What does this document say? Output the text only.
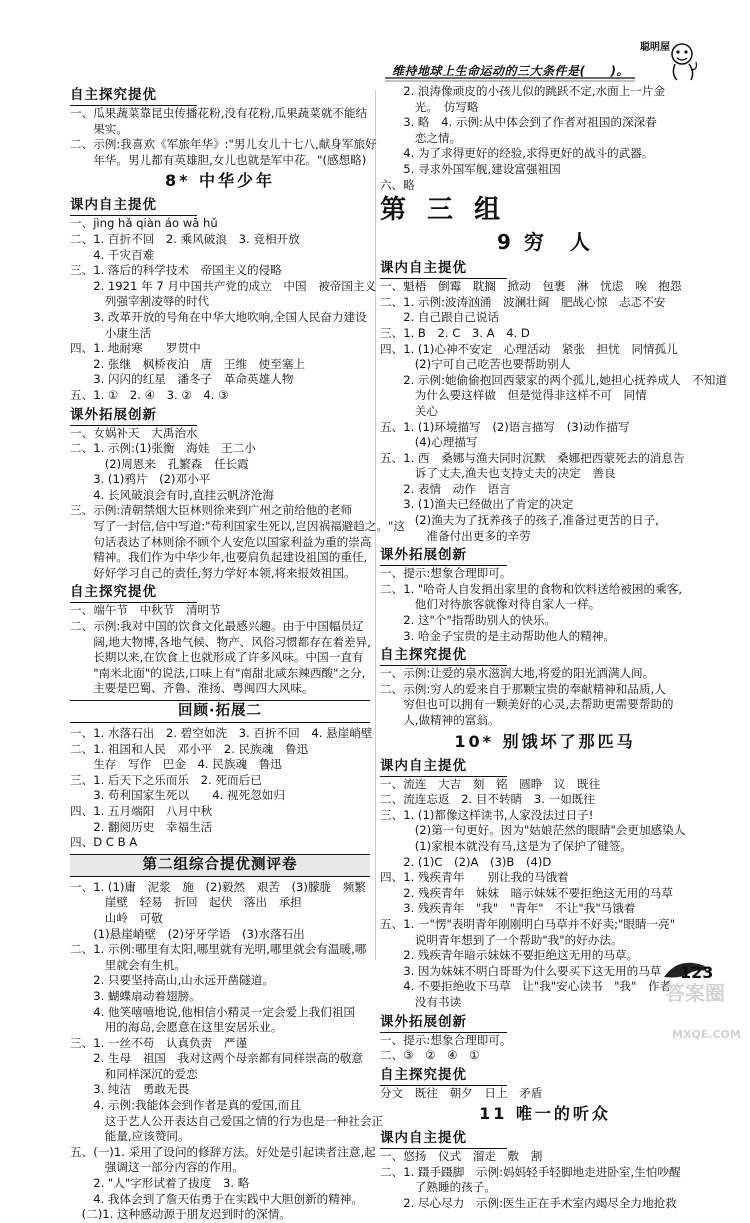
维持地球上生命运动的三大条件是(　　)。
聪明屋
自主探究提优
一、瓜果蔬菜靠昆虫传播花粉,没有花粉,瓜果蔬菜就不能结
　　果实。
二、示例:我喜欢《军旅年华》:"男儿女儿十七八,献身军旅好
　　年华。男儿都有英雄胆,女儿也就是军中花。"(感想略)
8* 中华少年
课内自主提优
一、jìng hǎ qiàn áo wā hǔ
二、1. 百折不回　2. 乘风破浪　3. 竞相开放
　　4. 千灾百难
三、1. 落后的科学技术　帝国主义的侵略
　　2. 1921 年 7 月中国共产党的成立　中国　被帝国主义
　　　列强宰割凌辱的时代
　　3. 改革开放的号角在中华大地吹响,全国人民奋力建设
　　　小康生活
四、1. 地耐寒　　罗贯中
　　2. 张继　枫桥夜泊　唐　王维　使至塞上
　　3. 闪闪的红星　潘冬子　革命英雄人物
五、1. ①　2. ④　3. ②　4. ③
课外拓展创新
一、女娲补天　大禹治水
二、1. 示例:(1)张衡　海娃　王二小
　　　(2)周恩来　孔繁森　任长霞
　　3. (1)鸦片　(2)邓小平
　　4. 长风破浪会有时,直挂云帆济沧海
三、示例:清朝禁烟大臣林则徐来到广州之前给他的老师
　　写了一封信,信中写道:"苟利国家生死以,岂因祸福避趋之。"这
　　句话表达了林则徐不顾个人安危以国家利益为重的崇高
　　精神。我们作为中华少年,也要肩负起建设祖国的重任,
　　好好学习自己的责任,努力学好本领,将来报效祖国。
自主探究提优
一、端午节　中秋节　清明节
二、示例:我对中国的饮食文化最感兴趣。由于中国幅员辽
　　阔,地大物博,各地气候、物产、风俗习惯都存在着差异,
　　长期以来,在饮食上也就形成了许多风味。中国一直有
　　"南米北面"的说法,口味上有"南甜北咸东辣西酸"之分,
　　主要是巴蜀、齐鲁、淮扬、粤闽四大风味。
回顾·拓展二
一、1. 水落石出　2. 碧空如洗　3. 百折不回　4. 悬崖峭壁
二、1. 祖国和人民　邓小平　2. 民族魂　鲁迅
　　生存　写作　巴金　4. 民族魂　鲁迅
三、1. 后天下之乐而乐　2. 死而后已
　　3. 苟利国家生死以　　4. 视死忽如归
四、1. 五月端阳　八月中秋
　　2. 翻阅历史　幸福生活
四、D C B A
第二组综合提优测评卷
一、1. (1)庸　泥浆　施　(2)毅然　艰苦　(3)朦胧　频繁
　　　崖壁　轻易　折回　起伏　落出　承担
　　　山岭　可敬
　　(1)悬崖峭壁　(2)牙牙学语　(3)水落石出
二、1. 示例:哪里有太阳,哪里就有光明,哪里就会有温暖,哪
　　　里就会有生机。
　　2. 只要坚持高山,山永远开凿隧道。
　　3. 蝴蝶扇动着翅膀。
　　4. 他笑嘻嘻地说,他相信小精灵一定会爱上我们祖国
　　　用的海岛,会愿意在这里安居乐业。
三、1. 一丝不苟　认真负责　严谨
　　2. 生母　祖国　我对这两个母亲都有同样崇高的敬意
　　　和同样深沉的爱恋
　　3. 纯洁　勇敢无畏
　　4. 示例:我能体会到作者是真的爱国,而且
　　　这于艺人公开表达自己爱国之情的行为也是一种社会正
　　　能量,应该赞同。
五、(一)1. 采用了设问的修辞方法。好处是引起读者注意,起
　　　强调这一部分内容的作用。
　　2. "人"字形试着了拔度　3. 略
　　4. 我体会到了詹天佑勇于在实践中大胆创新的精神。
　(二)1. 这种感动源于朋友迟到时的深情。
　　2. 浪涛像顽皮的小孩儿似的跳跃不定,水面上一片金
　　　光。　仿写略
　　3. 略　4. 示例:从中体会到了作者对祖国的深深眷
　　　恋之情。
　　4. 为了求得更好的经验,求得更好的战斗的武器。
　　5. 寻求外国军舰,建设富强祖国
六、略
第 三 组
9 穷　人
课内自主提优
一、魁梧　倒霉　耽搁　掀动　包裹　淋　忧虑　唉　抱怨
二、1. 示例:波涛汹涌　波澜壮阔　肥战心惊　忐忑不安
　　2. 自己跟自己说话
三、1. B　2. C　3. A　4. D
四、1. (1)心神不安定　心理活动　紧张　担忧　同情孤儿
　　　(2)宁可自己吃苦也要帮助别人
　　2. 示例:她偷偷抱回西蒙家的两个孤儿,她担心抚养成人　不知道
　　　为什么要这样做　但是觉得非这样不可　同情
　　　关心
五、1. (1)环境描写　(2)语言描写　(3)动作描写
　　　(4)心理描写
五、1. 西　桑娜与渔夫同时沉默　桑娜把西蒙死去的消息告
　　　诉了丈夫,渔夫也支持丈夫的决定　善良
　　2. 表情　动作　语言
　　3. (1)渔夫已经做出了肯定的决定
　　　(2)渔夫为了抚养孩子的孩子,准备过更苦的日子,
　　　　准备付出更多的辛劳
课外拓展创新
一、提示:想象合理即可。
二、1. "哈奇人自发捐出家里的食物和饮料送给被困的乘客,
　　　他们对待旅客就像对待自家人一样。
　　2. 这"个"指帮助别人的快乐。
　　3. 哈金子宝贵的是主动帮助他人的精神。
自主探究提优
一、示例:让爱的泉水滋润大地,将爱的阳光洒满人间。
二、示例:穷人的爱来自于那颗宝贵的奉献精神和品质,人
　　穷但也可以拥有一颗美好的心灵,去帮助更需要帮助的
　　人,做精神的富翁。
10* 别饿坏了那匹马
课内自主提优
一、流连　大吉　刻　铭　圆睁　议　既往
二、流连忘返　2. 目不转睛　3. 一如既往
三、1. (1)都像这样读书,人家没法过日子!
　　　(2)第一句更好。因为"姑娘茫然的眼睛"会更加感染人
　　　(1)家根本就没有马,这是为了保护了键签。
　　2. (1)C　(2)A　(3)B　(4)D
四、1. 残疾青年　　别让我的马饿着
　　2. 残疾青年　妹妹　暗示妹妹不要拒绝这无用的马草
　　3. 残疾青年　"我"　"青年"　不让"我"马饿着
五、1. 一"愣"表明青年刚刚明白马草并不好卖;"眼睛一亮"
　　　说明青年想到了一个帮助"我"的好办法。
　　2. 残疾青年暗示妹妹不要拒绝这无用的马草。
　　3. 因为妹妹不明白哥哥为什么要买下这无用的马草
　　4. 不要拒绝收下马草　让"我"安心读书　"我"　作者
　　　没有书读
课外拓展创新
一、提示:想象合理即可。
二、③　②　④　①
自主探究提优
分文　既往　朝夕　日上　矛盾
11 唯一的听众
课内自主提优
一、悠扬　仪式　溜走　敷　割
二、1. 蹑手蹑脚　示例:妈妈轻手轻脚地走进卧室,生怕吵醒
　　　了熟睡的孩子。
　　2. 尽心尽力　示例:医生正在手术室内竭尽全力地抢救
123
答案圈
MXQE.COM
